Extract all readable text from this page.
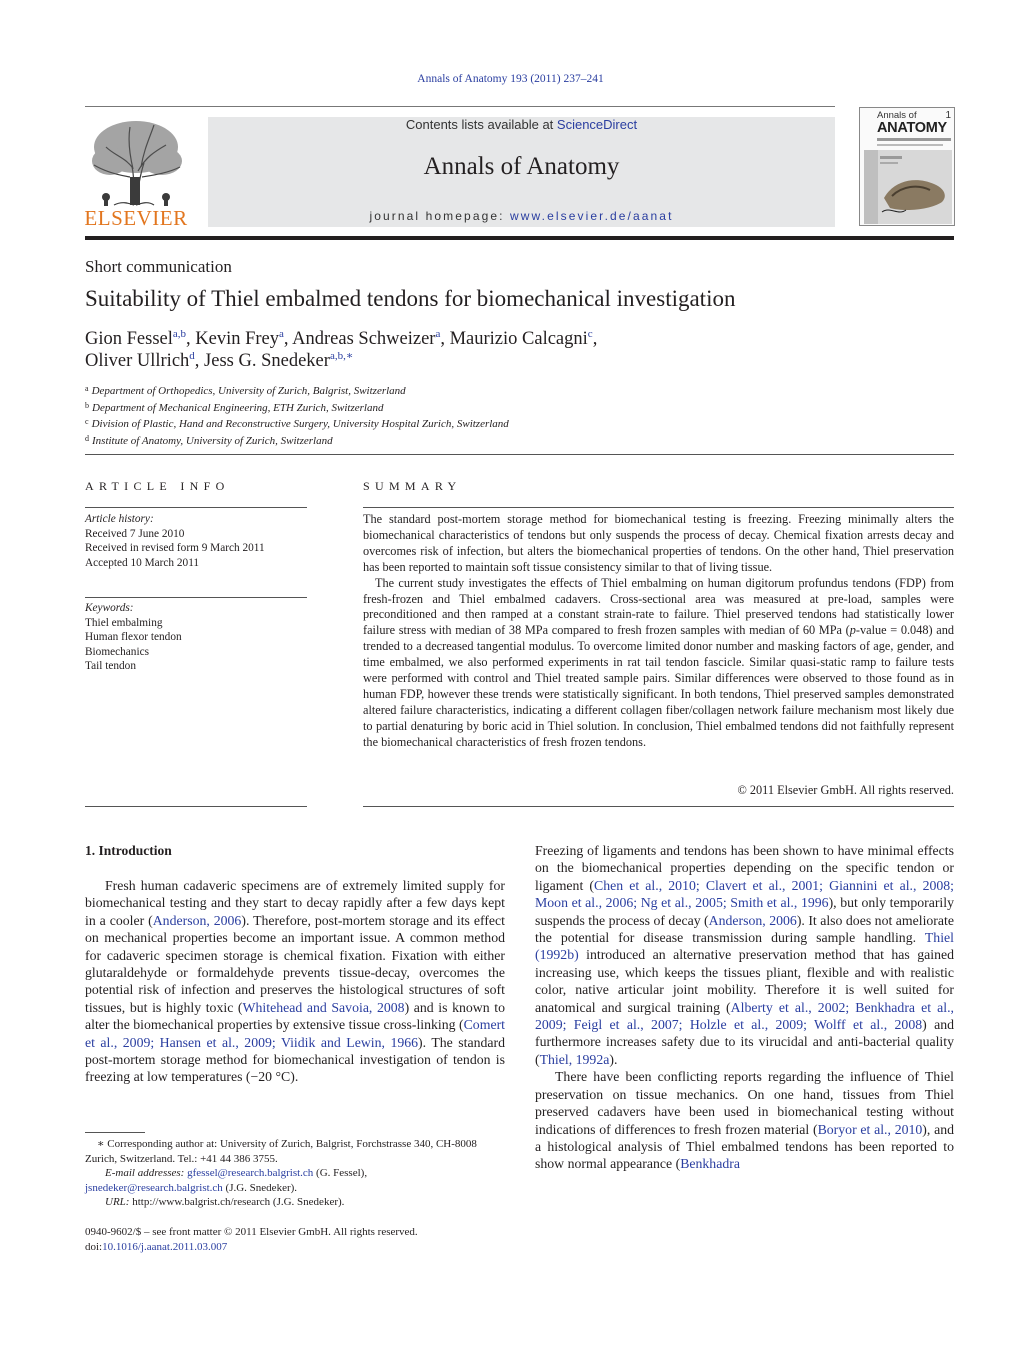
Annals of Anatomy 193 (2011) 237–241
ELSEVIER
Contents lists available at ScienceDirect
Annals of Anatomy
journal homepage: www.elsevier.de/aanat
Annals of	1
ANATOMY
Short communication
Suitability of Thiel embalmed tendons for biomechanical investigation
Gion Fessel$^{a,b}$, Kevin Frey$^a$, Andreas Schweizer$^a$, Maurizio Calcagni$^c$,
Oliver Ullrich$^d$, Jess G. Snedeker$^{a,b,∗}$
$^a$ Department of Orthopedics, University of Zurich, Balgrist, Switzerland
$^b$ Department of Mechanical Engineering, ETH Zurich, Switzerland
$^c$ Division of Plastic, Hand and Reconstructive Surgery, University Hospital Zurich, Switzerland
$^d$ Institute of Anatomy, University of Zurich, Switzerland
ARTICLE INFO
Article history:
Received 7 June 2010
Received in revised form 9 March 2011
Accepted 10 March 2011
Keywords:
Thiel embalming
Human flexor tendon
Biomechanics
Tail tendon
SUMMARY

The standard post-mortem storage method for biomechanical testing is freezing. Freezing minimally alters the biomechanical characteristics of tendons but only suspends the process of decay. Chemical fixation arrests decay and overcomes risk of infection, but alters the biomechanical properties of tendons. On the other hand, Thiel preservation has been reported to maintain soft tissue consistency similar to that of living tissue.

The current study investigates the effects of Thiel embalming on human digitorum profundus tendons (FDP) from fresh-frozen and Thiel embalmed cadavers. Cross-sectional area was measured at pre-load, samples were preconditioned and then ramped at a constant strain-rate to failure. Thiel preserved tendons had statistically lower failure stress with median of 38 MPa compared to fresh frozen samples with median of 60 MPa (p-value = 0.048) and trended to a decreased tangential modulus. To overcome limited donor number and masking factors of age, gender, and time embalmed, we also performed experiments in rat tail tendon fascicle. Similar quasi-static ramp to failure tests were performed with control and Thiel treated sample pairs. Similar differences were observed to those found as in human FDP, however these trends were statistically significant. In both tendons, Thiel preserved samples demonstrated altered failure characteristics, indicating a different collagen fiber/collagen network failure mechanism most likely due to partial denaturing by boric acid in Thiel solution. In conclusion, Thiel embalmed tendons did not faithfully represent the biomechanical characteristics of fresh frozen tendons.

© 2011 Elsevier GmbH. All rights reserved.
1. Introduction

Fresh human cadaveric specimens are of extremely limited supply for biomechanical testing and they start to decay rapidly after a few days kept in a cooler (Anderson, 2006). Therefore, post-mortem storage and its effect on mechanical properties become an important issue. A common method for cadaveric specimen storage is chemical fixation. Fixation with either glutaraldehyde or formaldehyde prevents tissue-decay, overcomes the potential risk of infection and preserves the histological structures of soft tissues, but is highly toxic (Whitehead and Savoia, 2008) and is known to alter the biomechanical properties by extensive tissue cross-linking (Comert et al., 2009; Hansen et al., 2009; Viidik and Lewin, 1966). The standard post-mortem storage method for biomechanical investigation of tendon is freezing at low temperatures (−20 °C).

Freezing of ligaments and tendons has been shown to have minimal effects on the biomechanical properties depending on the specific tendon or ligament (Chen et al., 2010; Clavert et al., 2001; Giannini et al., 2008; Moon et al., 2006; Ng et al., 2005; Smith et al., 1996), but only temporarily suspends the process of decay (Anderson, 2006). It also does not ameliorate the potential for disease transmission during sample handling. Thiel (1992b) introduced an alternative preservation method that has gained increasing use, which keeps the tissues pliant, flexible and with realistic color, native articular joint mobility. Therefore it is well suited for anatomical and surgical training (Alberty et al., 2002; Benkhadra et al., 2009; Feigl et al., 2007; Holzle et al., 2009; Wolff et al., 2008) and furthermore increases safety due to its virucidal and anti-bacterial quality (Thiel, 1992a).

There have been conflicting reports regarding the influence of Thiel preservation on tissue mechanics. On one hand, tissues from Thiel preserved cadavers have been used in biomechanical testing without indications of differences to fresh frozen material (Boryor et al., 2010), and a histological analysis of Thiel embalmed tendons has been reported to show normal appearance (Benkhadra

∗ Corresponding author at: University of Zurich, Balgrist, Forchstrasse 340, CH-8008 Zurich, Switzerland. Tel.: +41 44 386 3755.
E-mail addresses: gfessel@research.balgrist.ch (G. Fessel),
jsnedeker@research.balgrist.ch (J.G. Snedeker).
URL: http://www.balgrist.ch/research (J.G. Snedeker).
0940-9602/$ – see front matter © 2011 Elsevier GmbH. All rights reserved.
doi:10.1016/j.aanat.2011.03.007
